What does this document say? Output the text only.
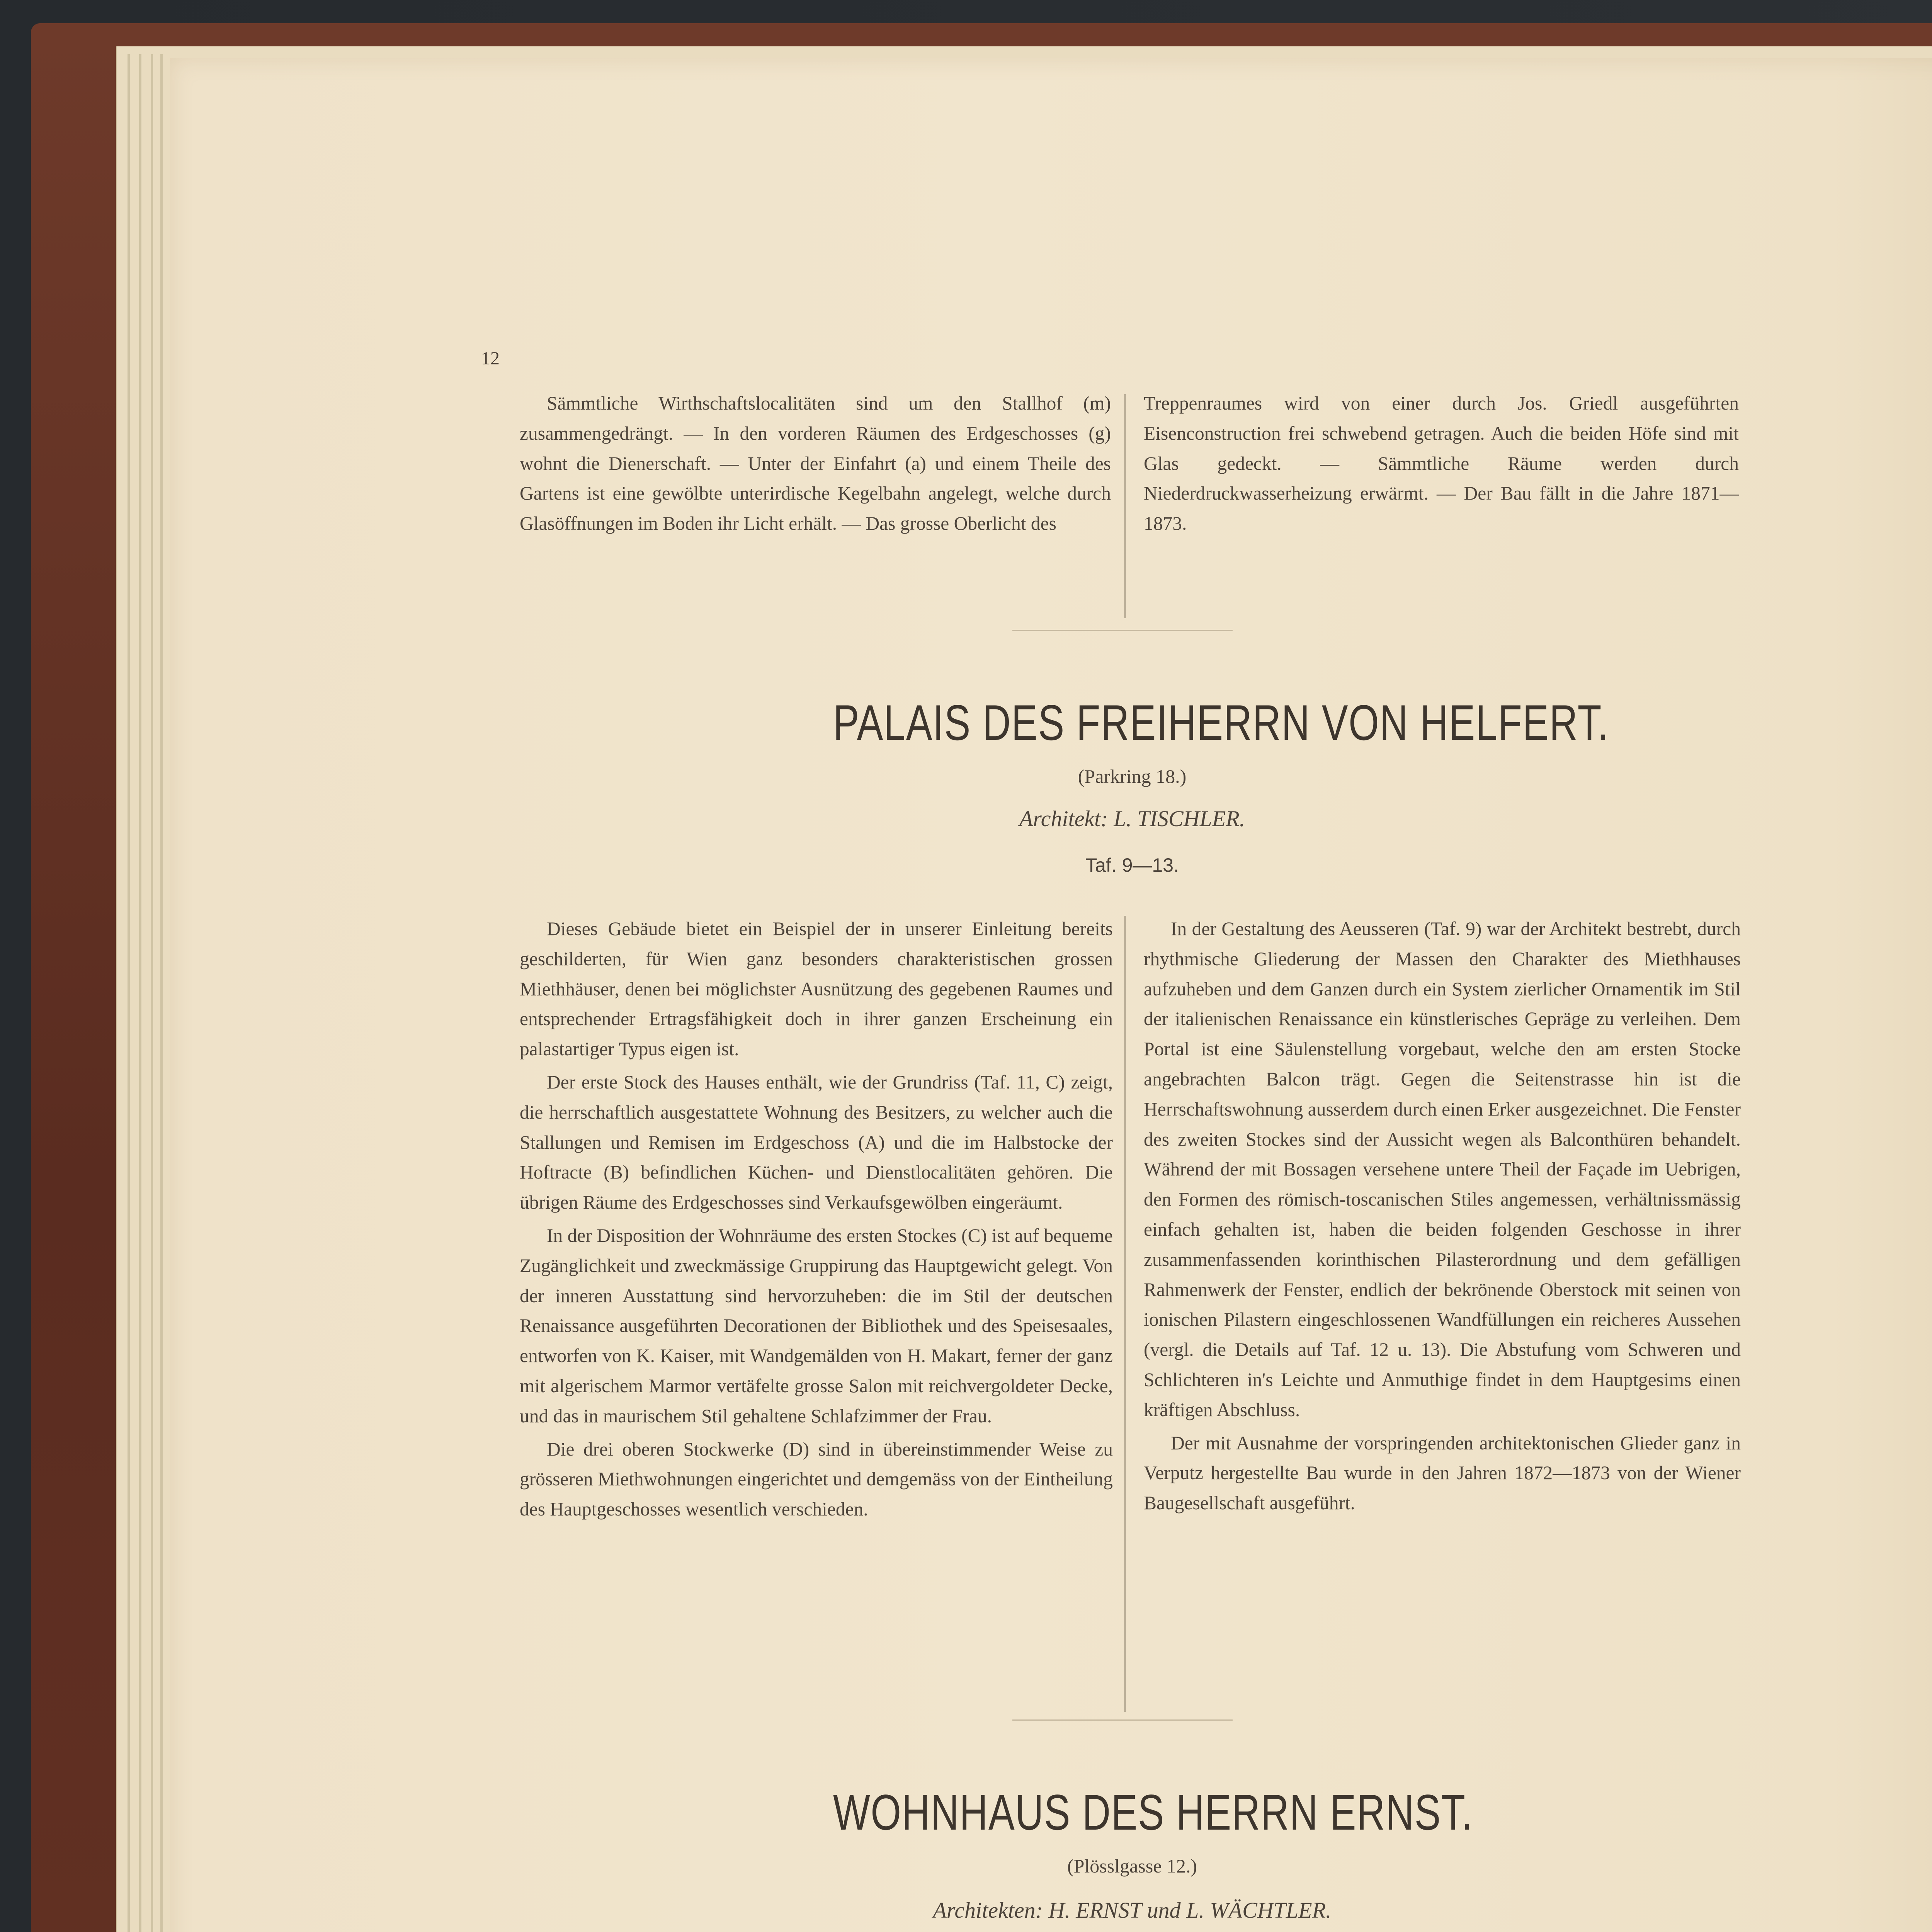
12

Sämmtliche Wirthschaftslocalitäten sind um den Stallhof (m) zusammengedrängt. — In den vorderen Räumen des Erdgeschosses (g) wohnt die Dienerschaft. — Unter der Einfahrt (a) und einem Theile des Gartens ist eine gewölbte unterirdische Kegelbahn angelegt, welche durch Glasöffnungen im Boden ihr Licht erhält. — Das grosse Oberlicht des

Treppenraumes wird von einer durch Jos. Griedl ausgeführten Eisenconstruction frei schwebend getragen. Auch die beiden Höfe sind mit Glas gedeckt. — Sämmtliche Räume werden durch Niederdruckwasserheizung erwärmt. — Der Bau fällt in die Jahre 1871—1873.

PALAIS DES FREIHERRN VON HELFERT.
(Parkring 18.)
Architekt: L. TISCHLER.
Taf. 9—13.

Dieses Gebäude bietet ein Beispiel der in unserer Einleitung bereits geschilderten, für Wien ganz besonders charakteristischen grossen Miethhäuser, denen bei möglichster Ausnützung des gegebenen Raumes und entsprechender Ertragsfähigkeit doch in ihrer ganzen Erscheinung ein palastartiger Typus eigen ist.

Der erste Stock des Hauses enthält, wie der Grundriss (Taf. 11, C) zeigt, die herrschaftlich ausgestattete Wohnung des Besitzers, zu welcher auch die Stallungen und Remisen im Erdgeschoss (A) und die im Halbstocke der Hoftracte (B) befindlichen Küchen- und Dienstlocalitäten gehören. Die übrigen Räume des Erdgeschosses sind Verkaufsgewölben eingeräumt.

In der Disposition der Wohnräume des ersten Stockes (C) ist auf bequeme Zugänglichkeit und zweckmässige Gruppirung das Hauptgewicht gelegt. Von der inneren Ausstattung sind hervorzuheben: die im Stil der deutschen Renaissance ausgeführten Decorationen der Bibliothek und des Speisesaales, entworfen von K. Kaiser, mit Wandgemälden von H. Makart, ferner der ganz mit algerischem Marmor vertäfelte grosse Salon mit reichvergoldeter Decke, und das in maurischem Stil gehaltene Schlafzimmer der Frau.

Die drei oberen Stockwerke (D) sind in übereinstimmender Weise zu grösseren Miethwohnungen eingerichtet und demgemäss von der Eintheilung des Hauptgeschosses wesentlich verschieden.

In der Gestaltung des Aeusseren (Taf. 9) war der Architekt bestrebt, durch rhythmische Gliederung der Massen den Charakter des Miethhauses aufzuheben und dem Ganzen durch ein System zierlicher Ornamentik im Stil der italienischen Renaissance ein künstlerisches Gepräge zu verleihen. Dem Portal ist eine Säulenstellung vorgebaut, welche den am ersten Stocke angebrachten Balcon trägt. Gegen die Seitenstrasse hin ist die Herrschaftswohnung ausserdem durch einen Erker ausgezeichnet. Die Fenster des zweiten Stockes sind der Aussicht wegen als Balconthüren behandelt. Während der mit Bossagen versehene untere Theil der Façade im Uebrigen, den Formen des römisch-toscanischen Stiles angemessen, verhältnissmässig einfach gehalten ist, haben die beiden folgenden Geschosse in ihrer zusammenfassenden korinthischen Pilasterordnung und dem gefälligen Rahmenwerk der Fenster, endlich der bekrönende Oberstock mit seinen von ionischen Pilastern eingeschlossenen Wandfüllungen ein reicheres Aussehen (vergl. die Details auf Taf. 12 u. 13). Die Abstufung vom Schweren und Schlichteren in's Leichte und Anmuthige findet in dem Hauptgesims einen kräftigen Abschluss.

Der mit Ausnahme der vorspringenden architektonischen Glieder ganz in Verputz hergestellte Bau wurde in den Jahren 1872—1873 von der Wiener Baugesellschaft ausgeführt.

WOHNHAUS DES HERRN ERNST.
(Plösslgasse 12.)
Architekten: H. ERNST und L. WÄCHTLER.
